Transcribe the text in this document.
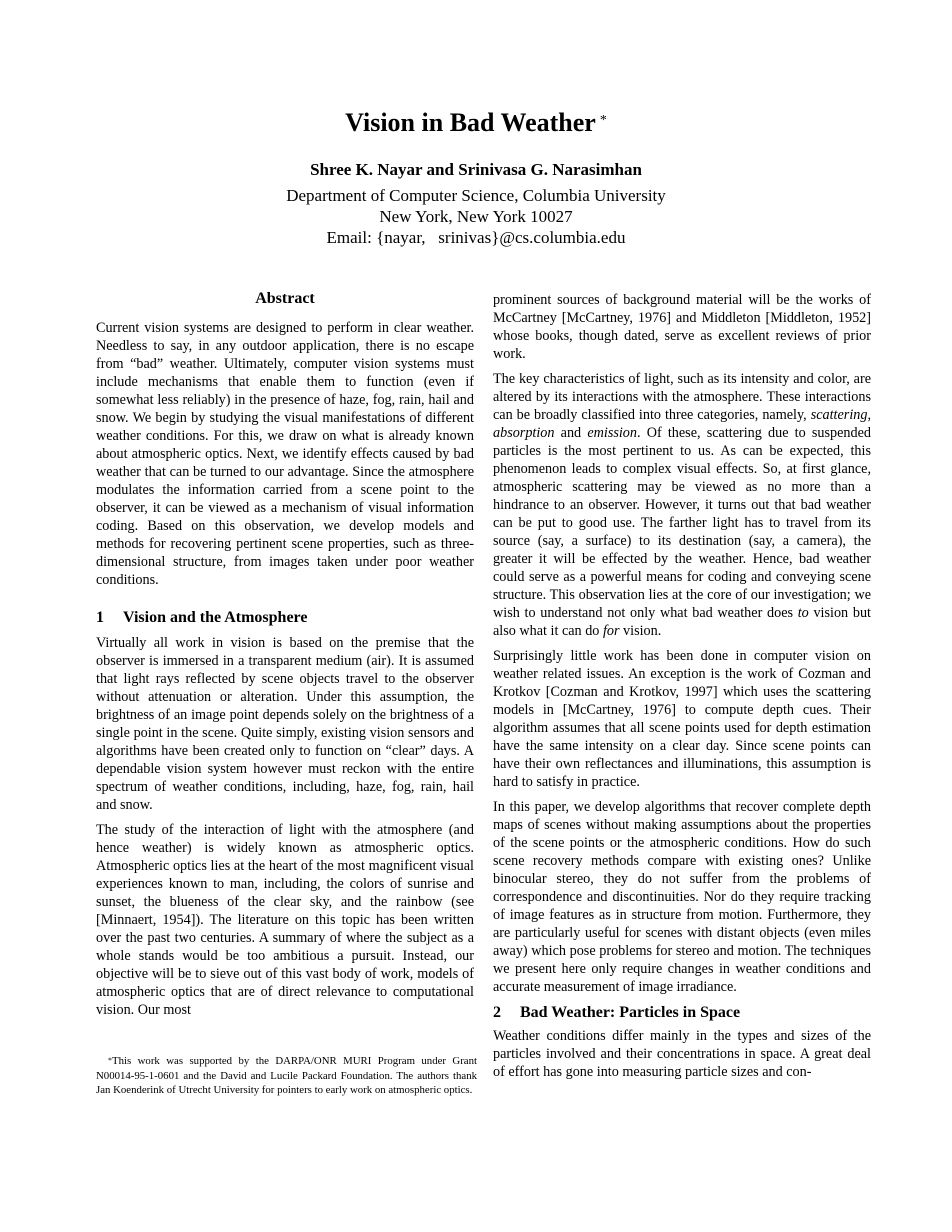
Vision in Bad Weather *
Shree K. Nayar and Srinivasa G. Narasimhan
Department of Computer Science, Columbia University
New York, New York 10027
Email: {nayar,   srinivas}@cs.columbia.edu
Abstract

Current vision systems are designed to perform in clear weather. Needless to say, in any outdoor application, there is no escape from “bad” weather. Ultimately, computer vision systems must include mechanisms that enable them to function (even if somewhat less reliably) in the presence of haze, fog, rain, hail and snow. We begin by studying the visual manifestations of different weather conditions. For this, we draw on what is already known about atmospheric optics. Next, we identify effects caused by bad weather that can be turned to our advantage. Since the atmosphere modulates the information carried from a scene point to the observer, it can be viewed as a mechanism of visual information coding. Based on this observation, we develop models and methods for recovering pertinent scene properties, such as three-dimensional structure, from images taken under poor weather conditions.

1 Vision and the Atmosphere

Virtually all work in vision is based on the premise that the observer is immersed in a transparent medium (air). It is assumed that light rays reflected by scene objects travel to the observer without attenuation or alteration. Under this assumption, the brightness of an image point depends solely on the brightness of a single point in the scene. Quite simply, existing vision sensors and algorithms have been created only to function on “clear” days. A dependable vision system however must reckon with the entire spectrum of weather conditions, including, haze, fog, rain, hail and snow.

The study of the interaction of light with the atmosphere (and hence weather) is widely known as atmospheric optics. Atmospheric optics lies at the heart of the most magnificent visual experiences known to man, including, the colors of sunrise and sunset, the blueness of the clear sky, and the rainbow (see [Minnaert, 1954]). The literature on this topic has been written over the past two centuries. A summary of where the subject as a whole stands would be too ambitious a pursuit. Instead, our objective will be to sieve out of this vast body of work, models of atmospheric optics that are of direct relevance to computational vision. Our most

prominent sources of background material will be the works of McCartney [McCartney, 1976] and Middleton [Middleton, 1952] whose books, though dated, serve as excellent reviews of prior work.

The key characteristics of light, such as its intensity and color, are altered by its interactions with the atmosphere. These interactions can be broadly classified into three categories, namely, scattering, absorption and emission. Of these, scattering due to suspended particles is the most pertinent to us. As can be expected, this phenomenon leads to complex visual effects. So, at first glance, atmospheric scattering may be viewed as no more than a hindrance to an observer. However, it turns out that bad weather can be put to good use. The farther light has to travel from its source (say, a surface) to its destination (say, a camera), the greater it will be effected by the weather. Hence, bad weather could serve as a powerful means for coding and conveying scene structure. This observation lies at the core of our investigation; we wish to understand not only what bad weather does to vision but also what it can do for vision.

Surprisingly little work has been done in computer vision on weather related issues. An exception is the work of Cozman and Krotkov [Cozman and Krotkov, 1997] which uses the scattering models in [McCartney, 1976] to compute depth cues. Their algorithm assumes that all scene points used for depth estimation have the same intensity on a clear day. Since scene points can have their own reflectances and illuminations, this assumption is hard to satisfy in practice.

In this paper, we develop algorithms that recover complete depth maps of scenes without making assumptions about the properties of the scene points or the atmospheric conditions. How do such scene recovery methods compare with existing ones? Unlike binocular stereo, they do not suffer from the problems of correspondence and discontinuities. Nor do they require tracking of image features as in structure from motion. Furthermore, they are particularly useful for scenes with distant objects (even miles away) which pose problems for stereo and motion. The techniques we present here only require changes in weather conditions and accurate measurement of image irradiance.

2 Bad Weather: Particles in Space

Weather conditions differ mainly in the types and sizes of the particles involved and their concentrations in space. A great deal of effort has gone into measuring particle sizes and con-

*This work was supported by the DARPA/ONR MURI Program under Grant N00014-95-1-0601 and the David and Lucile Packard Foundation. The authors thank Jan Koenderink of Utrecht University for pointers to early work on atmospheric optics.
